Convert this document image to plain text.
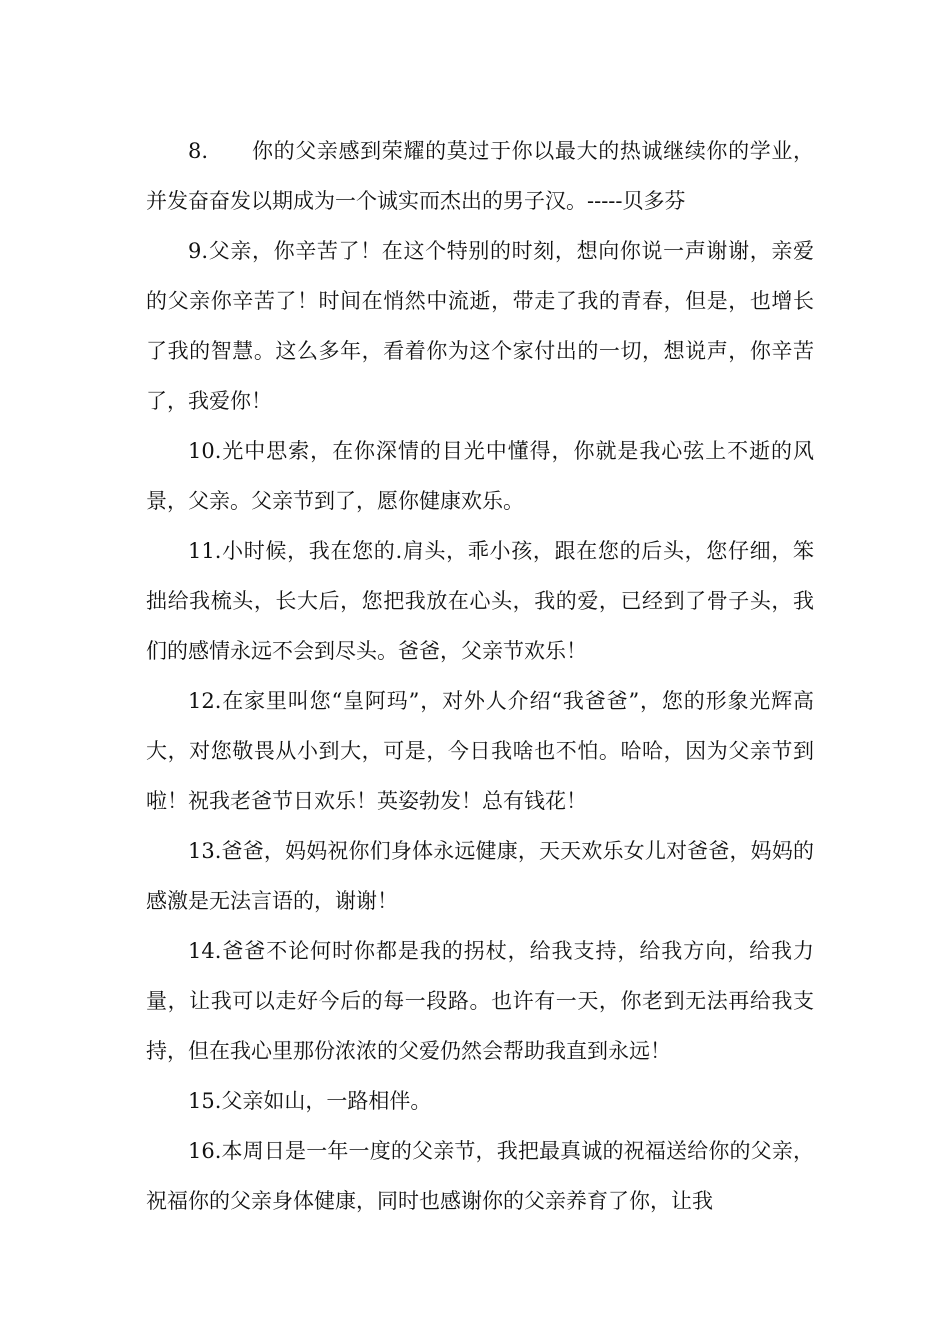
8.　　你的父亲感到荣耀的莫过于你以最大的热诚继续你的学业，并发奋奋发以期成为一个诚实而杰出的男子汉。-----贝多芬

9.父亲，你辛苦了！在这个特别的时刻，想向你说一声谢谢，亲爱的父亲你辛苦了！时间在悄然中流逝，带走了我的青春，但是，也增长了我的智慧。这么多年，看着你为这个家付出的一切，想说声，你辛苦了，我爱你！

10.光中思索，在你深情的目光中懂得，你就是我心弦上不逝的风景，父亲。父亲节到了，愿你健康欢乐。

11.小时候，我在您的.肩头，乖小孩，跟在您的后头，您仔细，笨拙给我梳头，长大后，您把我放在心头，我的爱，已经到了骨子头，我们的感情永远不会到尽头。爸爸，父亲节欢乐！

12.在家里叫您“皇阿玛”，对外人介绍“我爸爸”，您的形象光辉高大，对您敬畏从小到大，可是，今日我啥也不怕。哈哈，因为父亲节到啦！祝我老爸节日欢乐！英姿勃发！总有钱花！

13.爸爸，妈妈祝你们身体永远健康，天天欢乐女儿对爸爸，妈妈的感激是无法言语的，谢谢！

14.爸爸不论何时你都是我的拐杖，给我支持，给我方向，给我力量，让我可以走好今后的每一段路。也许有一天，你老到无法再给我支持，但在我心里那份浓浓的父爱仍然会帮助我直到永远！

15.父亲如山，一路相伴。

16.本周日是一年一度的父亲节，我把最真诚的祝福送给你的父亲，祝福你的父亲身体健康，同时也感谢你的父亲养育了你，让我
